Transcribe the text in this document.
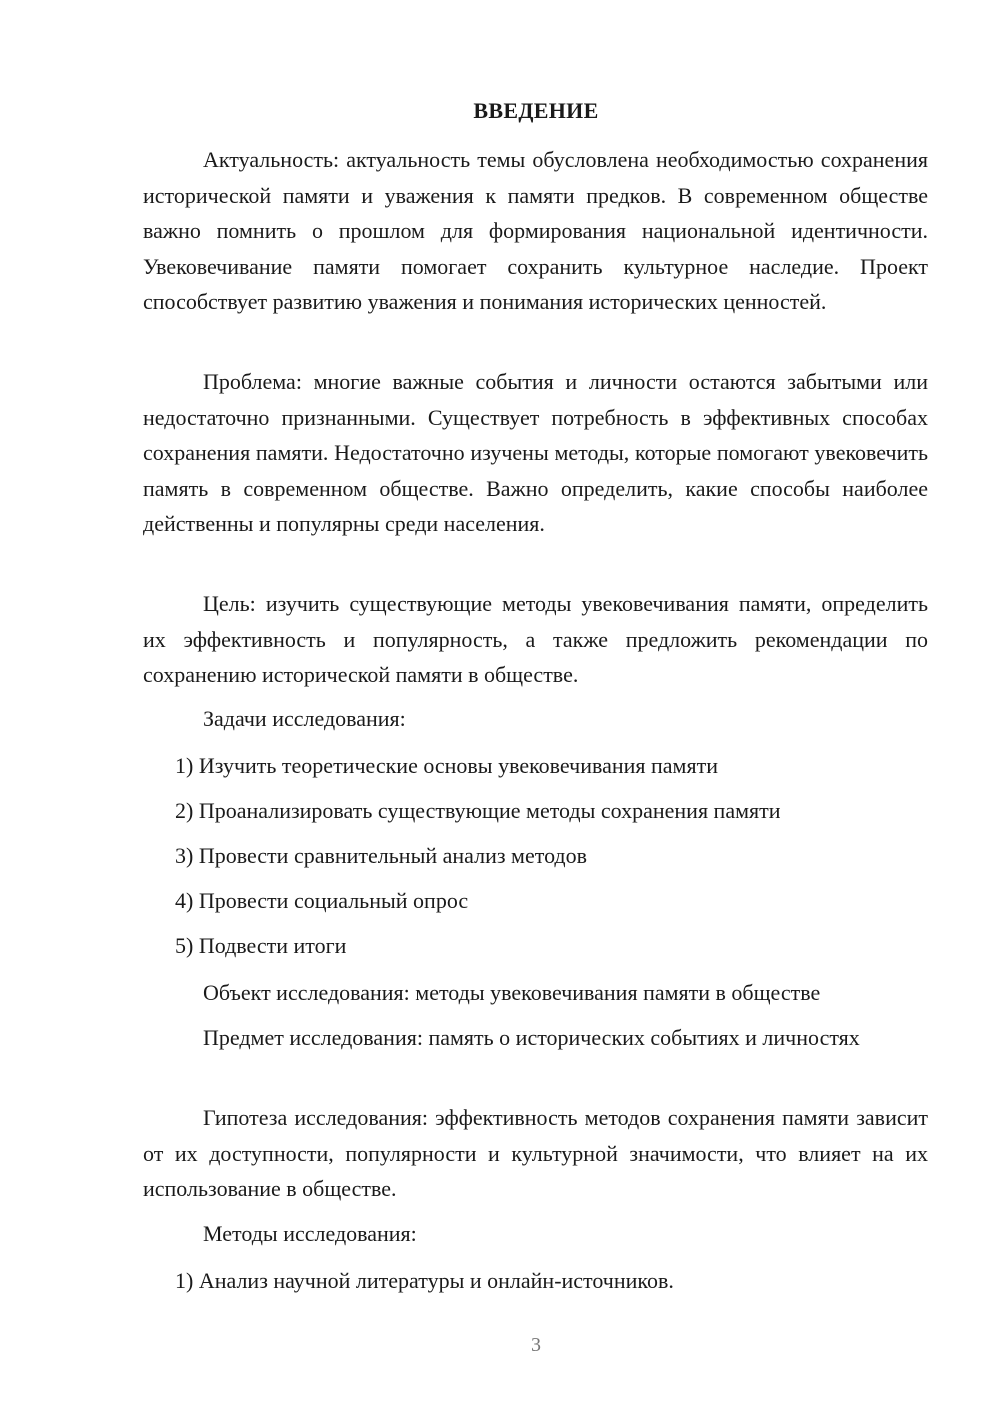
ВВЕДЕНИЕ

Актуальность: актуальность темы обусловлена необходимостью сохранения исторической памяти и уважения к памяти предков. В современном обществе важно помнить о прошлом для формирования национальной идентичности. Увековечивание памяти помогает сохранить культурное наследие. Проект способствует развитию уважения и понимания исторических ценностей.

Проблема: многие важные события и личности остаются забытыми или недостаточно признанными. Существует потребность в эффективных способах сохранения памяти. Недостаточно изучены методы, которые помогают увековечить память в современном обществе. Важно определить, какие способы наиболее действенны и популярны среди населения.

Цель: изучить существующие методы увековечивания памяти, определить их эффективность и популярность, а также предложить рекомендации по сохранению исторической памяти в обществе.

Задачи исследования:

1) Изучить теоретические основы увековечивания памяти

2) Проанализировать существующие методы сохранения памяти

3) Провести сравнительный анализ методов

4) Провести социальный опрос

5) Подвести итоги

Объект исследования: методы увековечивания памяти в обществе

Предмет исследования: память о исторических событиях и личностях

Гипотеза исследования: эффективность методов сохранения памяти зависит от их доступности, популярности и культурной значимости, что влияет на их использование в обществе.

Методы исследования:

1) Анализ научной литературы и онлайн-источников.

3
